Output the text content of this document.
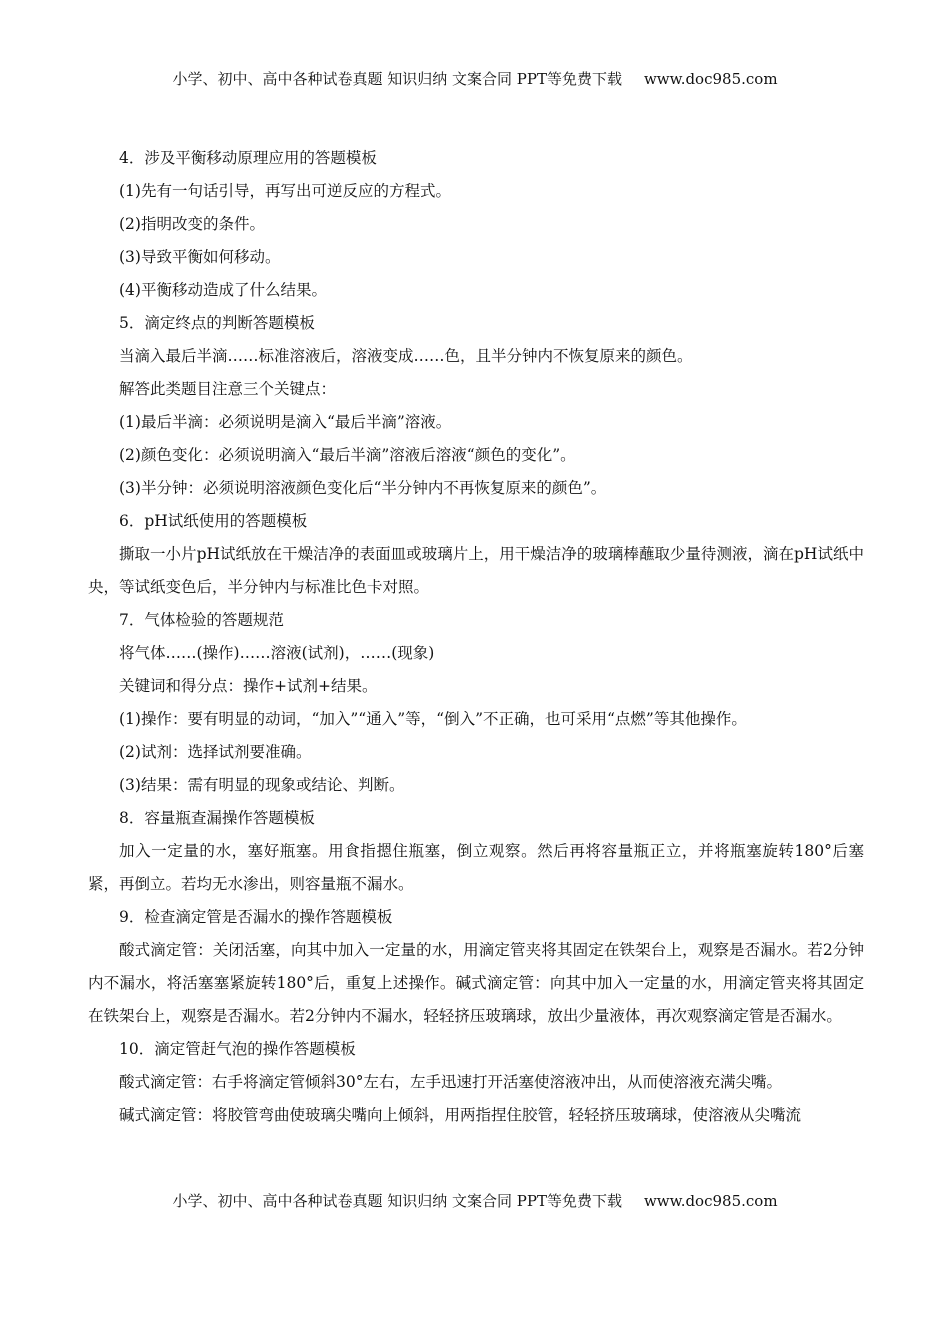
小学、初中、高中各种试卷真题 知识归纳 文案合同 PPT等免费下载 www.doc985.com

4．涉及平衡移动原理应用的答题模板

(1)先有一句话引导，再写出可逆反应的方程式。

(2)指明改变的条件。

(3)导致平衡如何移动。

(4)平衡移动造成了什么结果。

5．滴定终点的判断答题模板

当滴入最后半滴……标准溶液后，溶液变成……色，且半分钟内不恢复原来的颜色。

解答此类题目注意三个关键点：

(1)最后半滴：必须说明是滴入“最后半滴”溶液。

(2)颜色变化：必须说明滴入“最后半滴”溶液后溶液“颜色的变化”。

(3)半分钟：必须说明溶液颜色变化后“半分钟内不再恢复原来的颜色”。

6．pH试纸使用的答题模板

撕取一小片pH试纸放在干燥洁净的表面皿或玻璃片上，用干燥洁净的玻璃棒蘸取少量待测液，滴在pH试纸中央，等试纸变色后，半分钟内与标准比色卡对照。

7．气体检验的答题规范

将气体……(操作)……溶液(试剂)，……(现象)

关键词和得分点：操作+试剂+结果。

(1)操作：要有明显的动词，“加入”“通入”等，“倒入”不正确，也可采用“点燃”等其他操作。

(2)试剂：选择试剂要准确。

(3)结果：需有明显的现象或结论、判断。

8．容量瓶查漏操作答题模板

加入一定量的水，塞好瓶塞。用食指摁住瓶塞，倒立观察。然后再将容量瓶正立，并将瓶塞旋转180°后塞紧，再倒立。若均无水渗出，则容量瓶不漏水。

9．检查滴定管是否漏水的操作答题模板

酸式滴定管：关闭活塞，向其中加入一定量的水，用滴定管夹将其固定在铁架台上，观察是否漏水。若2分钟内不漏水，将活塞塞紧旋转180°后，重复上述操作。碱式滴定管：向其中加入一定量的水，用滴定管夹将其固定在铁架台上，观察是否漏水。若2分钟内不漏水，轻轻挤压玻璃球，放出少量液体，再次观察滴定管是否漏水。

10．滴定管赶气泡的操作答题模板

酸式滴定管：右手将滴定管倾斜30°左右，左手迅速打开活塞使溶液冲出，从而使溶液充满尖嘴。

碱式滴定管：将胶管弯曲使玻璃尖嘴向上倾斜，用两指捏住胶管，轻轻挤压玻璃球，使溶液从尖嘴流

小学、初中、高中各种试卷真题 知识归纳 文案合同 PPT等免费下载 www.doc985.com
